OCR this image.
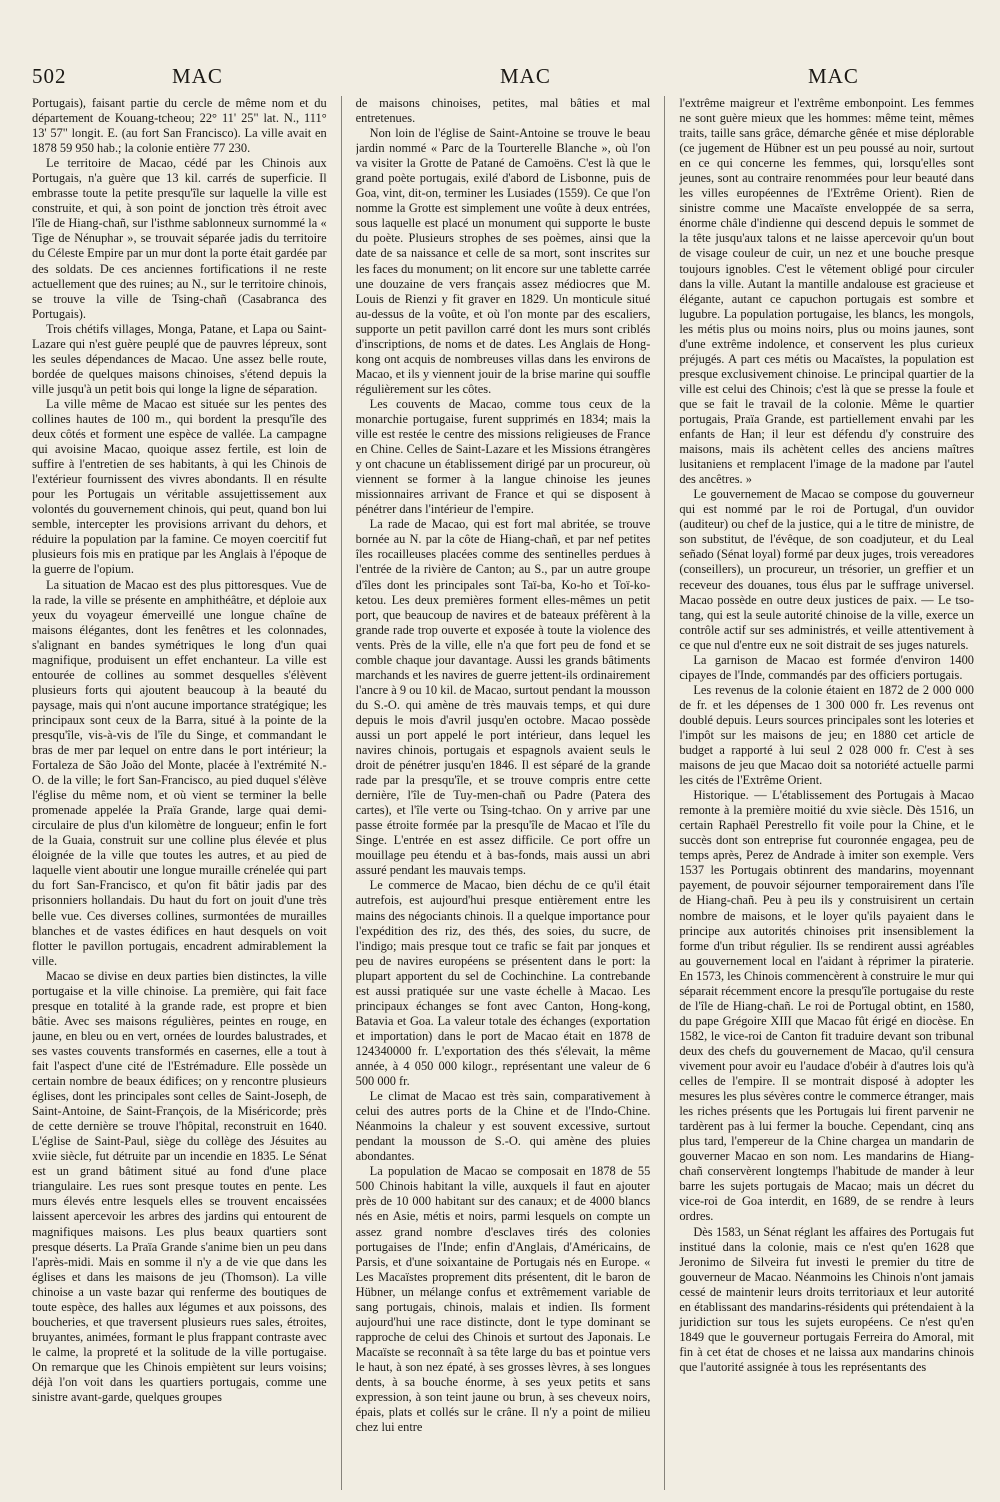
502	MAC	MAC	MAC

Portugais), faisant partie du cercle de même nom et du département de Kouang-tcheou; 22° 11' 25" lat. N., 111° 13' 57" longit. E. (au fort San Francisco). La ville avait en 1878 59 950 hab.; la colonie entière 77 230.

Le territoire de Macao, cédé par les Chinois aux Portugais, n'a guère que 13 kil. carrés de superficie. Il embrasse toute la petite presqu'île sur laquelle la ville est construite, et qui, à son point de jonction très étroit avec l'île de Hiang-chañ, sur l'isthme sablonneux surnommé la « Tige de Nénuphar », se trouvait séparée jadis du territoire du Céleste Empire par un mur dont la porte était gardée par des soldats. De ces anciennes fortifications il ne reste actuellement que des ruines; au N., sur le territoire chinois, se trouve la ville de Tsing-chañ (Casabranca des Portugais).

Trois chétifs villages, Monga, Patane, et Lapa ou Saint-Lazare qui n'est guère peuplé que de pauvres lépreux, sont les seules dépendances de Macao. Une assez belle route, bordée de quelques maisons chinoises, s'étend depuis la ville jusqu'à un petit bois qui longe la ligne de séparation.

La ville même de Macao est située sur les pentes des collines hautes de 100 m., qui bordent la presqu'île des deux côtés et forment une espèce de vallée. La campagne qui avoisine Macao, quoique assez fertile, est loin de suffire à l'entretien de ses habitants, à qui les Chinois de l'extérieur fournissent des vivres abondants. Il en résulte pour les Portugais un véritable assujettissement aux volontés du gouvernement chinois, qui peut, quand bon lui semble, intercepter les provisions arrivant du dehors, et réduire la population par la famine. Ce moyen coercitif fut plusieurs fois mis en pratique par les Anglais à l'époque de la guerre de l'opium.

La situation de Macao est des plus pittoresques. Vue de la rade, la ville se présente en amphithéâtre, et déploie aux yeux du voyageur émerveillé une longue chaîne de maisons élégantes, dont les fenêtres et les colonnades, s'alignant en bandes symétriques le long d'un quai magnifique, produisent un effet enchanteur. La ville est entourée de collines au sommet desquelles s'élèvent plusieurs forts qui ajoutent beaucoup à la beauté du paysage, mais qui n'ont aucune importance stratégique; les principaux sont ceux de la Barra, situé à la pointe de la presqu'île, vis-à-vis de l'île du Singe, et commandant le bras de mer par lequel on entre dans le port intérieur; la Fortaleza de São João del Monte, placée à l'extrémité N.-O. de la ville; le fort San-Francisco, au pied duquel s'élève l'église du même nom, et où vient se terminer la belle promenade appelée la Praïa Grande, large quai demi-circulaire de plus d'un kilomètre de longueur; enfin le fort de la Guaia, construit sur une colline plus élevée et plus éloignée de la ville que toutes les autres, et au pied de laquelle vient aboutir une longue muraille crénelée qui part du fort San-Francisco, et qu'on fit bâtir jadis par des prisonniers hollandais. Du haut du fort on jouit d'une très belle vue. Ces diverses collines, surmontées de murailles blanches et de vastes édifices en haut desquels on voit flotter le pavillon portugais, encadrent admirablement la ville.

Macao se divise en deux parties bien distinctes, la ville portugaise et la ville chinoise. La première, qui fait face presque en totalité à la grande rade, est propre et bien bâtie. Avec ses maisons régulières, peintes en rouge, en jaune, en bleu ou en vert, ornées de lourdes balustrades, et ses vastes couvents transformés en casernes, elle a tout à fait l'aspect d'une cité de l'Estrémadure. Elle possède un certain nombre de beaux édifices; on y rencontre plusieurs églises, dont les principales sont celles de Saint-Joseph, de Saint-Antoine, de Saint-François, de la Miséricorde; près de cette dernière se trouve l'hôpital, reconstruit en 1640. L'église de Saint-Paul, siège du collège des Jésuites au xviie siècle, fut détruite par un incendie en 1835. Le Sénat est un grand bâtiment situé au fond d'une place triangulaire. Les rues sont presque toutes en pente. Les murs élevés entre lesquels elles se trouvent encaissées laissent apercevoir les arbres des jardins qui entourent de magnifiques maisons. Les plus beaux quartiers sont presque déserts. La Praïa Grande s'anime bien un peu dans l'après-midi. Mais en somme il n'y a de vie que dans les églises et dans les maisons de jeu (Thomson). La ville chinoise a un vaste bazar qui renferme des boutiques de toute espèce, des halles aux légumes et aux poissons, des boucheries, et que traversent plusieurs rues sales, étroites, bruyantes, animées, formant le plus frappant contraste avec le calme, la propreté et la solitude de la ville portugaise. On remarque que les Chinois empiètent sur leurs voisins; déjà l'on voit dans les quartiers portugais, comme une sinistre avant-garde, quelques groupes

de maisons chinoises, petites, mal bâties et mal entretenues.

Non loin de l'église de Saint-Antoine se trouve le beau jardin nommé « Parc de la Tourterelle Blanche », où l'on va visiter la Grotte de Patané de Camoëns. C'est là que le grand poète portugais, exilé d'abord de Lisbonne, puis de Goa, vint, dit-on, terminer les Lusiades (1559). Ce que l'on nomme la Grotte est simplement une voûte à deux entrées, sous laquelle est placé un monument qui supporte le buste du poète. Plusieurs strophes de ses poèmes, ainsi que la date de sa naissance et celle de sa mort, sont inscrites sur les faces du monument; on lit encore sur une tablette carrée une douzaine de vers français assez médiocres que M. Louis de Rienzi y fit graver en 1829. Un monticule situé au-dessus de la voûte, et où l'on monte par des escaliers, supporte un petit pavillon carré dont les murs sont criblés d'inscriptions, de noms et de dates. Les Anglais de Hong-kong ont acquis de nombreuses villas dans les environs de Macao, et ils y viennent jouir de la brise marine qui souffle régulièrement sur les côtes.

Les couvents de Macao, comme tous ceux de la monarchie portugaise, furent supprimés en 1834; mais la ville est restée le centre des missions religieuses de France en Chine. Celles de Saint-Lazare et les Missions étrangères y ont chacune un établissement dirigé par un procureur, où viennent se former à la langue chinoise les jeunes missionnaires arrivant de France et qui se disposent à pénétrer dans l'intérieur de l'empire.

La rade de Macao, qui est fort mal abritée, se trouve bornée au N. par la côte de Hiang-chañ, et par nef petites îles rocailleuses placées comme des sentinelles perdues à l'entrée de la rivière de Canton; au S., par un autre groupe d'îles dont les principales sont Taï-ba, Ko-ho et Toï-ko-ketou. Les deux premières forment elles-mêmes un petit port, que beaucoup de navires et de bateaux préfèrent à la grande rade trop ouverte et exposée à toute la violence des vents. Près de la ville, elle n'a que fort peu de fond et se comble chaque jour davantage. Aussi les grands bâtiments marchands et les navires de guerre jettent-ils ordinairement l'ancre à 9 ou 10 kil. de Macao, surtout pendant la mousson du S.-O. qui amène de très mauvais temps, et qui dure depuis le mois d'avril jusqu'en octobre. Macao possède aussi un port appelé le port intérieur, dans lequel les navires chinois, portugais et espagnols avaient seuls le droit de pénétrer jusqu'en 1846. Il est séparé de la grande rade par la presqu'île, et se trouve compris entre cette dernière, l'île de Tuy-men-chañ ou Padre (Patera des cartes), et l'île verte ou Tsing-tchao. On y arrive par une passe étroite formée par la presqu'île de Macao et l'île du Singe. L'entrée en est assez difficile. Ce port offre un mouillage peu étendu et à bas-fonds, mais aussi un abri assuré pendant les mauvais temps.

Le commerce de Macao, bien déchu de ce qu'il était autrefois, est aujourd'hui presque entièrement entre les mains des négociants chinois. Il a quelque importance pour l'expédition des riz, des thés, des soies, du sucre, de l'indigo; mais presque tout ce trafic se fait par jonques et peu de navires européens se présentent dans le port: la plupart apportent du sel de Cochinchine. La contrebande est aussi pratiquée sur une vaste échelle à Macao. Les principaux échanges se font avec Canton, Hong-kong, Batavia et Goa. La valeur totale des échanges (exportation et importation) dans le port de Macao était en 1878 de 124340000 fr. L'exportation des thés s'élevait, la même année, à 4 050 000 kilogr., représentant une valeur de 6 500 000 fr.

Le climat de Macao est très sain, comparativement à celui des autres ports de la Chine et de l'Indo-Chine. Néanmoins la chaleur y est souvent excessive, surtout pendant la mousson de S.-O. qui amène des pluies abondantes.

La population de Macao se composait en 1878 de 55 500 Chinois habitant la ville, auxquels il faut en ajouter près de 10 000 habitant sur des canaux; et de 4000 blancs nés en Asie, métis et noirs, parmi lesquels on compte un assez grand nombre d'esclaves tirés des colonies portugaises de l'Inde; enfin d'Anglais, d'Américains, de Parsis, et d'une soixantaine de Portugais nés en Europe. « Les Macaïstes proprement dits présentent, dit le baron de Hübner, un mélange confus et extrêmement variable de sang portugais, chinois, malais et indien. Ils forment aujourd'hui une race distincte, dont le type dominant se rapproche de celui des Chinois et surtout des Japonais. Le Macaïste se reconnaît à sa tête large du bas et pointue vers le haut, à son nez épaté, à ses grosses lèvres, à ses longues dents, à sa bouche énorme, à ses yeux petits et sans expression, à son teint jaune ou brun, à ses cheveux noirs, épais, plats et collés sur le crâne. Il n'y a point de milieu chez lui entre

l'extrême maigreur et l'extrême embonpoint. Les femmes ne sont guère mieux que les hommes: même teint, mêmes traits, taille sans grâce, démarche gênée et mise déplorable (ce jugement de Hübner est un peu poussé au noir, surtout en ce qui concerne les femmes, qui, lorsqu'elles sont jeunes, sont au contraire renommées pour leur beauté dans les villes européennes de l'Extrême Orient). Rien de sinistre comme une Macaïste enveloppée de sa serra, énorme châle d'indienne qui descend depuis le sommet de la tête jusqu'aux talons et ne laisse apercevoir qu'un bout de visage couleur de cuir, un nez et une bouche presque toujours ignobles. C'est le vêtement obligé pour circuler dans la ville. Autant la mantille andalouse est gracieuse et élégante, autant ce capuchon portugais est sombre et lugubre. La population portugaise, les blancs, les mongols, les métis plus ou moins noirs, plus ou moins jaunes, sont d'une extrême indolence, et conservent les plus curieux préjugés. A part ces métis ou Macaïstes, la population est presque exclusivement chinoise. Le principal quartier de la ville est celui des Chinois; c'est là que se presse la foule et que se fait le travail de la colonie. Même le quartier portugais, Praïa Grande, est partiellement envahi par les enfants de Han; il leur est défendu d'y construire des maisons, mais ils achètent celles des anciens maîtres lusitaniens et remplacent l'image de la madone par l'autel des ancêtres. »

Le gouvernement de Macao se compose du gouverneur qui est nommé par le roi de Portugal, d'un ouvidor (auditeur) ou chef de la justice, qui a le titre de ministre, de son substitut, de l'évêque, de son coadjuteur, et du Leal señado (Sénat loyal) formé par deux juges, trois vereadores (conseillers), un procureur, un trésorier, un greffier et un receveur des douanes, tous élus par le suffrage universel. Macao possède en outre deux justices de paix. — Le tso-tang, qui est la seule autorité chinoise de la ville, exerce un contrôle actif sur ses administrés, et veille attentivement à ce que nul d'entre eux ne soit distrait de ses juges naturels.

La garnison de Macao est formée d'environ 1400 cipayes de l'Inde, commandés par des officiers portugais.

Les revenus de la colonie étaient en 1872 de 2 000 000 de fr. et les dépenses de 1 300 000 fr. Les revenus ont doublé depuis. Leurs sources principales sont les loteries et l'impôt sur les maisons de jeu; en 1880 cet article de budget a rapporté à lui seul 2 028 000 fr. C'est à ses maisons de jeu que Macao doit sa notoriété actuelle parmi les cités de l'Extrême Orient.

Historique. — L'établissement des Portugais à Macao remonte à la première moitié du xvie siècle. Dès 1516, un certain Raphaël Perestrello fit voile pour la Chine, et le succès dont son entreprise fut couronnée engagea, peu de temps après, Perez de Andrade à imiter son exemple. Vers 1537 les Portugais obtinrent des mandarins, moyennant payement, de pouvoir séjourner temporairement dans l'île de Hiang-chañ. Peu à peu ils y construisirent un certain nombre de maisons, et le loyer qu'ils payaient dans le principe aux autorités chinoises prit insensiblement la forme d'un tribut régulier. Ils se rendirent aussi agréables au gouvernement local en l'aidant à réprimer la piraterie. En 1573, les Chinois commencèrent à construire le mur qui séparait récemment encore la presqu'île portugaise du reste de l'île de Hiang-chañ. Le roi de Portugal obtint, en 1580, du pape Grégoire XIII que Macao fût érigé en diocèse. En 1582, le vice-roi de Canton fit traduire devant son tribunal deux des chefs du gouvernement de Macao, qu'il censura vivement pour avoir eu l'audace d'obéir à d'autres lois qu'à celles de l'empire. Il se montrait disposé à adopter les mesures les plus sévères contre le commerce étranger, mais les riches présents que les Portugais lui firent parvenir ne tardèrent pas à lui fermer la bouche. Cependant, cinq ans plus tard, l'empereur de la Chine chargea un mandarin de gouverner Macao en son nom. Les mandarins de Hiang-chañ conservèrent longtemps l'habitude de mander à leur barre les sujets portugais de Macao; mais un décret du vice-roi de Goa interdit, en 1689, de se rendre à leurs ordres.

Dès 1583, un Sénat réglant les affaires des Portugais fut institué dans la colonie, mais ce n'est qu'en 1628 que Jeronimo de Silveira fut investi le premier du titre de gouverneur de Macao. Néanmoins les Chinois n'ont jamais cessé de maintenir leurs droits territoriaux et leur autorité en établissant des mandarins-résidents qui prétendaient à la juridiction sur tous les sujets européens. Ce n'est qu'en 1849 que le gouverneur portugais Ferreira do Amoral, mit fin à cet état de choses et ne laissa aux mandarins chinois que l'autorité assignée à tous les représentants des
